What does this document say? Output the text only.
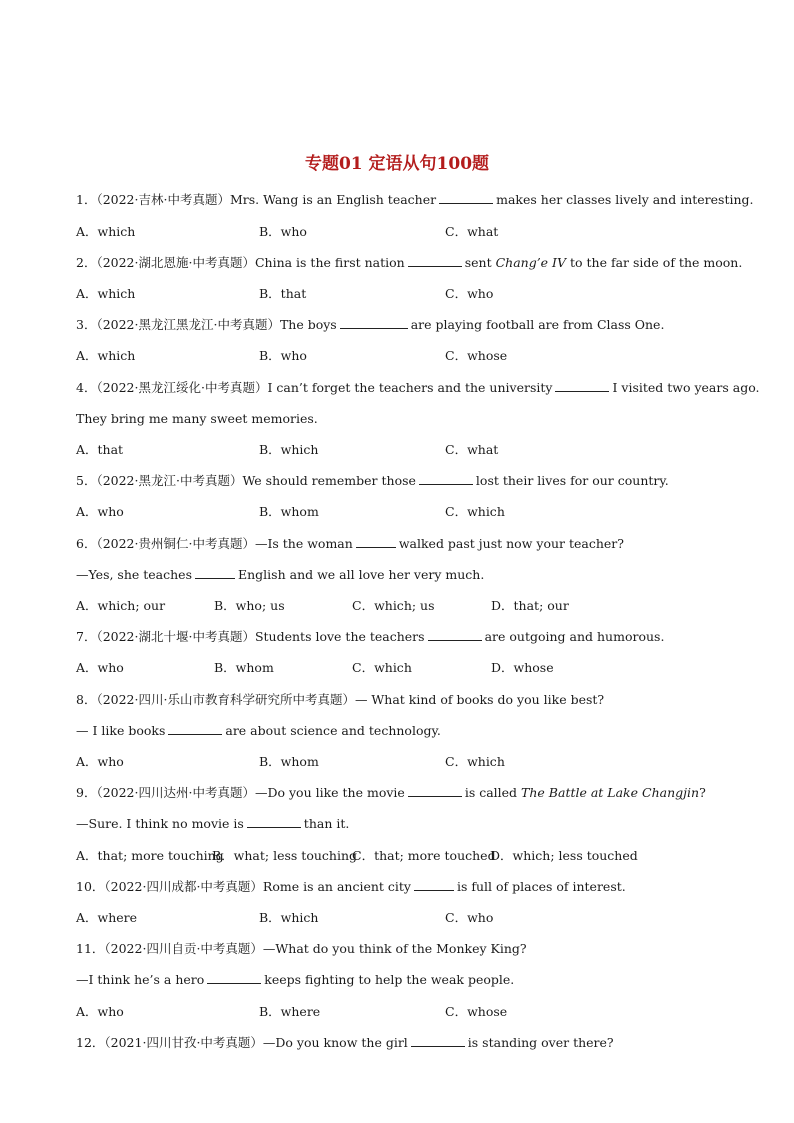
专题01 定语从句100题
1．（2022·吉林·中考真题）Mrs. Wang is an English teacher	makes her classes lively and interesting.
A．which	B．who	C．what
2．（2022·湖北恩施·中考真题）China is the first nation	sent Chang’e IV to the far side of the moon.
A．which	B．that	C．who
3．（2022·黑龙江黑龙江·中考真题）The boys	are playing football are from Class One.
A．which	B．who	C．whose
4．（2022·黑龙江绥化·中考真题）I can’t forget the teachers and the university	I visited two years ago.
They bring me many sweet memories.
A．that	B．which	C．what
5．（2022·黑龙江·中考真题）We should remember those	lost their lives for our country.
A．who	B．whom	C．which
6．（2022·贵州铜仁·中考真题）—Is the woman	walked past just now your teacher?
—Yes, she teaches	English and we all love her very much.
A．which; our	B．who; us	C．which; us	D．that; our
7．（2022·湖北十堰·中考真题）Students love the teachers	are outgoing and humorous.
A．who	B．whom	C．which	D．whose
8．（2022·四川·乐山市教育科学研究所中考真题）— What kind of books do you like best?
— I like books	are about science and technology.
A．who	B．whom	C．which
9．（2022·四川达州·中考真题）—Do you like the movie	is called The Battle at Lake Changjin?
—Sure. I think no movie is	than it.
A．that; more touching
B．what; less touching
C．that; more touched
D．which; less touched
10．（2022·四川成都·中考真题）Rome is an ancient city	is full of places of interest.
A．where	B．which	C．who
11．（2022·四川自贡·中考真题）—What do you think of the Monkey King?
—I think he’s a hero	keeps fighting to help the weak people.
A．who	B．where	C．whose
12．（2021·四川甘孜·中考真题）—Do you know the girl	is standing over there?
